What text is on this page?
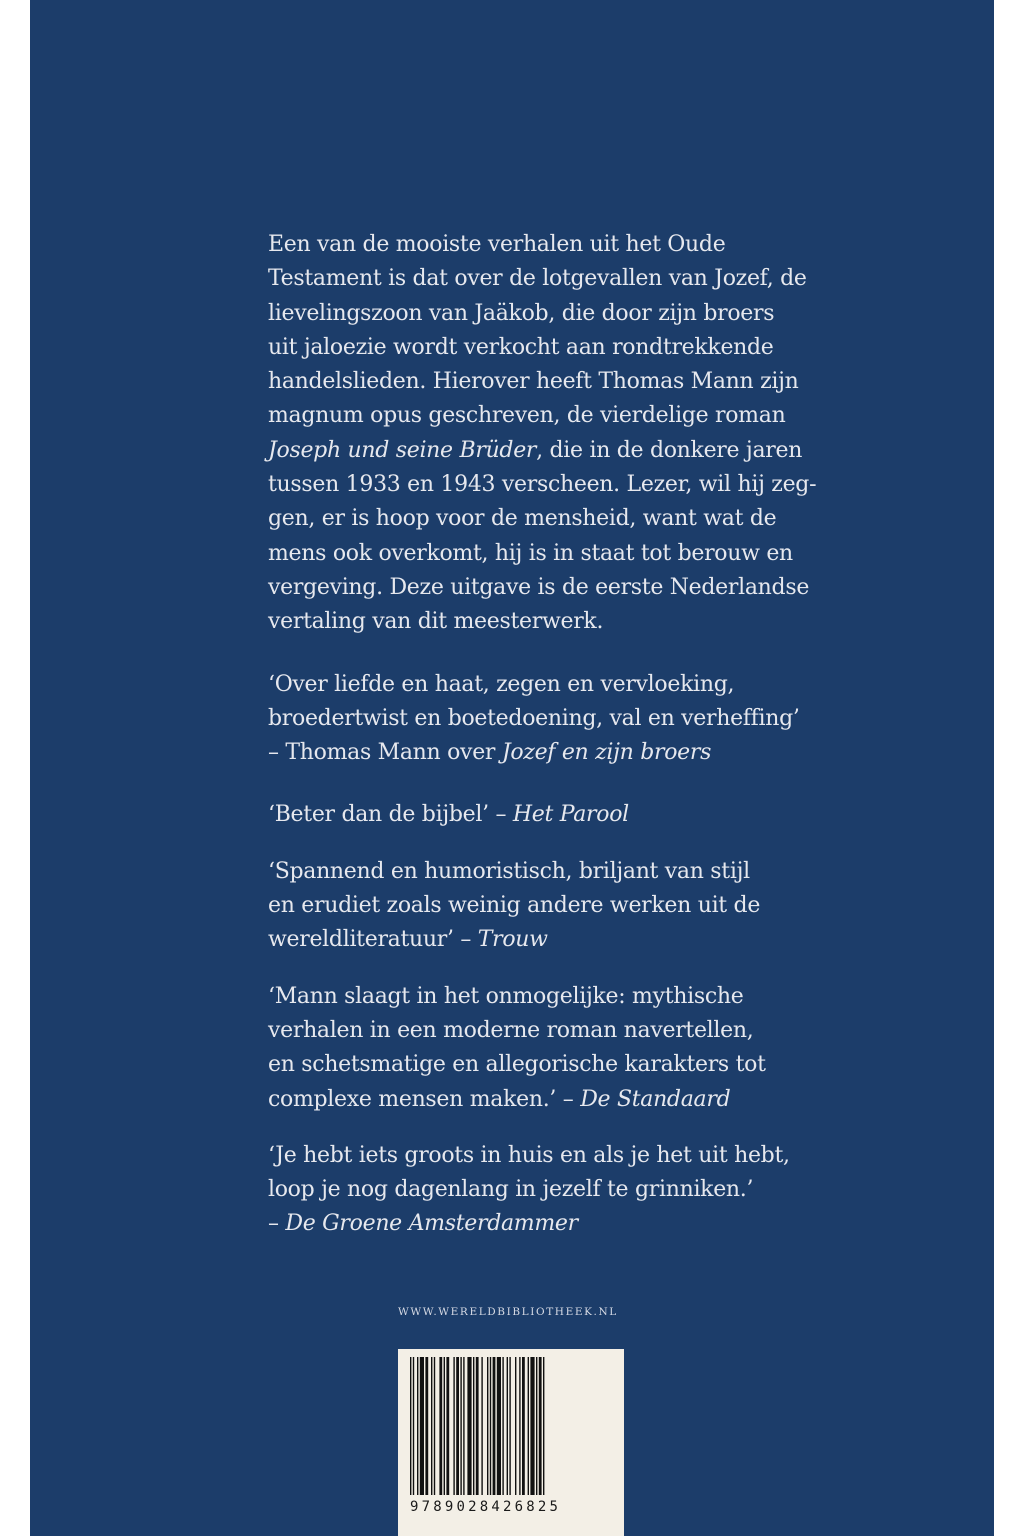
Een van de mooiste verhalen uit het Oude
Testament is dat over de lotgevallen van Jozef, de
lievelingszoon van Jaäkob, die door zijn broers
uit jaloezie wordt verkocht aan rondtrekkende
handelslieden. Hierover heeft Thomas Mann zijn
magnum opus geschreven, de vierdelige roman
Joseph und seine Brüder, die in de donkere jaren
tussen 1933 en 1943 verscheen. Lezer, wil hij zeg-
gen, er is hoop voor de mensheid, want wat de
mens ook overkomt, hij is in staat tot berouw en
vergeving. Deze uitgave is de eerste Nederlandse
vertaling van dit meesterwerk.
‘Over liefde en haat, zegen en vervloeking,
broedertwist en boetedoening, val en verheffing’
– Thomas Mann over Jozef en zijn broers
‘Beter dan de bijbel’ – Het Parool
‘Spannend en humoristisch, briljant van stijl
en erudiet zoals weinig andere werken uit de
wereldliteratuur’ – Trouw
‘Mann slaagt in het onmogelijke: mythische
verhalen in een moderne roman navertellen,
en schetsmatige en allegorische karakters tot
complexe mensen maken.’ – De Standaard
‘Je hebt iets groots in huis en als je het uit hebt,
loop je nog dagenlang in jezelf te grinniken.’
– De Groene Amsterdammer
WWW.WERELDBIBLIOTHEEK.NL
9789028426825
